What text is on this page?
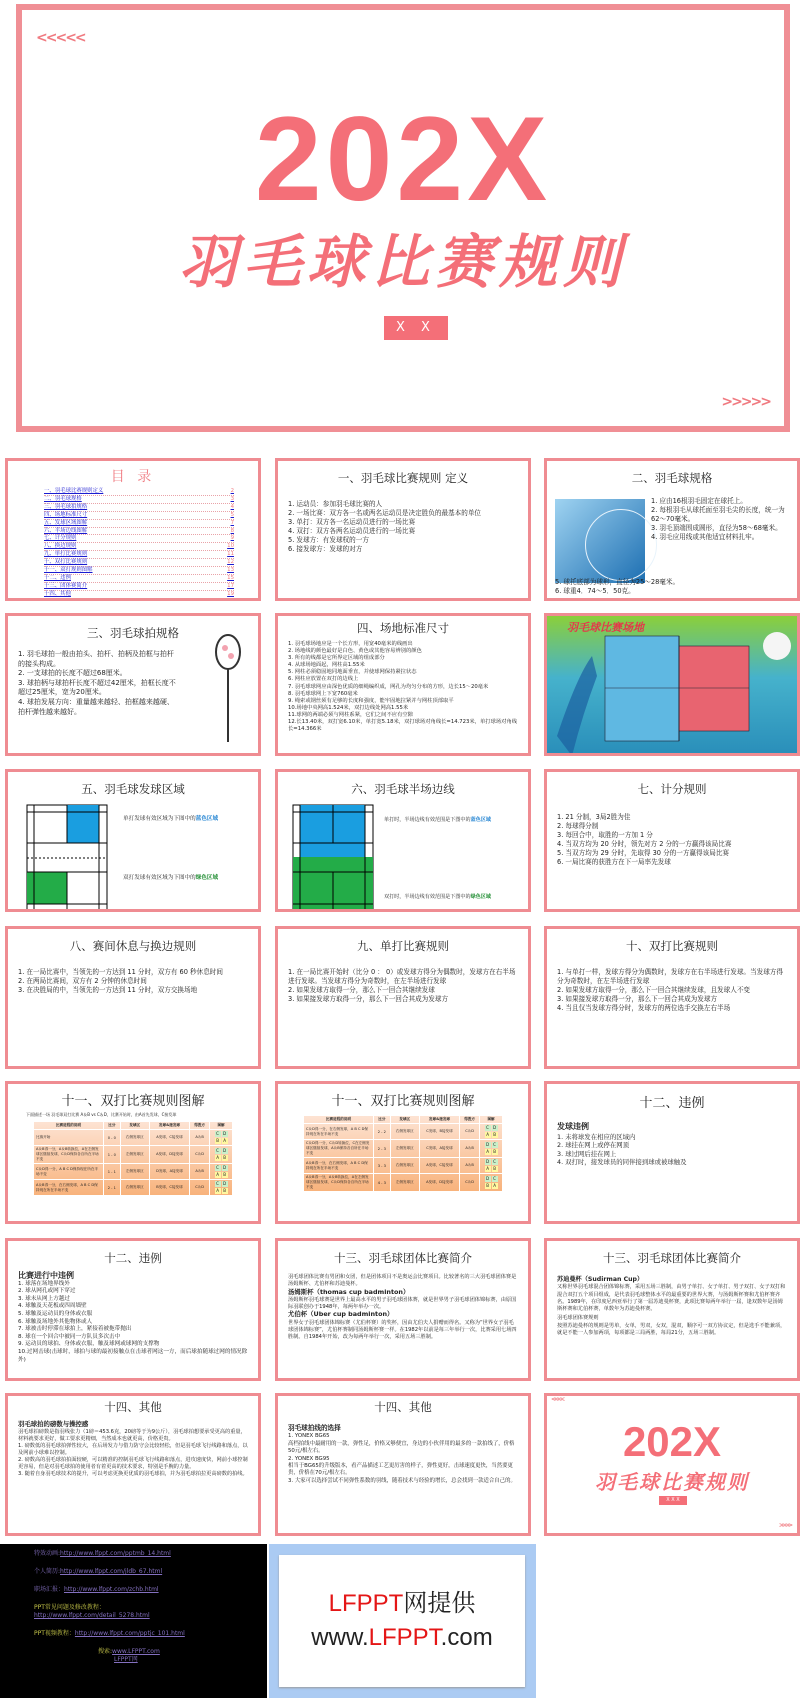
<<<<<
202X
羽毛球比赛规则
X X X
>>>>>
目 录
一、羽毛球比赛规则定义	2
二、羽毛球规格	3
三、羽毛球拍规格	4
四、场地标准尺寸	5
五、发球区域图解	7
六、半场边线图解	8
七、计分规则	9
八、换边规则	10
九、单打比赛规则	11
十、双打比赛规则	12
十一、双打规则图解	13
十二、违例	15
十三、团体赛简介	17
十四、其他	19
一、羽毛球比赛规则 定义
1. 运动员：参加羽毛球比赛的人
2. 一场比赛：双方各一名或两名运动员是决定胜负的最基本的单位
3. 单打：双方各一名运动员进行的一场比赛
4. 双打：双方各两名运动员进行的一场比赛
5. 发球方：有发球权的一方
6. 接发球方：发球的对方
二、羽毛球规格
1. 应由16根羽毛固定在球托上。
2. 每根羽毛从球托面至羽毛尖的长度，统一为62～70毫米。
3. 羽毛顶端围成圆形，直径为58～68毫米。
4. 羽毛应用线或其他适宜材料扎牢。
5. 球托底部为球形，直径为25～28毫米。
6. 球重4．74～5．50克。
三、羽毛球拍规格
1. 羽毛球拍一般由拍头、拍杆、拍柄及拍框与拍杆的接头构成。
2. 一支球拍的长度不超过68厘米。
3. 球拍柄与球拍杆长度不超过42厘米，拍框长度不超过25厘米，宽为20厘米。
4. 球拍发展方向：重量越来越轻、拍框越来越硬、拍杆弹性越来越好。
四、场地标准尺寸
1. 羽毛球场地应是一个长方形，用宽40毫米的线画出
2. 场地线的颜色最好是白色、黄色或其他容易辨别的颜色
3. 所有的线都是它所界定区域的组成部分
4. 从球场地面起，网柱高1.55米
5. 网柱必须稳固地同地面垂直，并使球网保持紧拉状态
6. 网柱应放置在双打的边线上
7. 羽毛球球网应由深色优质的细绳编织成，网孔为均匀分布的方形，边长15～20毫米
8. 羽毛球球网上下宽760毫米
9. 绳索或钢丝须有足够的长度和强度，能牢固地拉紧并与网柱顶部取平
10.场地中央网高1.524米，双打边线处网高1.55米
11.球网的两端必须与网柱系紧，它们之间不应有空隙
12.长13.40米，双打宽6.10米，单打宽5.18米，双打球场对角线长=14.723米，单打球场对角线长=14.366米
羽毛球比赛场地
五、羽毛球发球区域
单打发球有效区域为下图中的蓝色区域
双打发球有效区域为下图中的绿色区域
六、羽毛球半场边线
单打时，半场边线有效范围是下图中的蓝色区域
双打时，半场边线有效范围是下图中的绿色区域
七、计分规则
1. 21 分制，3局2胜为佳
2. 每球得分制
3. 每回合中，取胜的一方加 1 分
4. 当双方均为 20 分时，领先对方 2 分的一方赢得该局比赛
5. 当双方均为 29 分时，先取得 30 分的一方赢得该局比赛
6. 一局比赛的获胜方在下一局率先发球
八、赛间休息与换边规则
1. 在一局比赛中，当领先的一方达到 11 分时，双方有 60 秒休息时间
2. 在两局比赛间，双方有 2 分钟的休息时间
3. 在决胜局的中，当领先的一方达到 11 分时，双方交换场地
九、单打比赛规则
1. 在一局比赛开始时（比分 0 ： 0）或发球方得分为偶数时，发球方在右半场进行发球。当发球方得分为奇数时，在左半场进行发球
2. 如果发球方取得一分，那么下一回合其继续发球
3. 如果接发球方取得一分，那么下一回合其成为发球方
十、双打比赛规则
1. 与单打一样，发球方得分为偶数时，发球方在右半场进行发球。当发球方得分为奇数时，在左半场进行发球
2. 如果发球方取得一分，那么下一回合其继续发球，且发球人不变
3. 如果接发球方取得一分，那么下一回合其成为发球方
4. 当且仅当发球方得分时，发球方的两位选手交换左右半场
十一、双打比赛规则图解
下面描述一场 羽毛球双打比赛 A＆B vs C＆D，比赛开始时，由A首先发球，C接发球
比赛进程的说明	比分	发球区	发球&接发球	得胜方	图解
比赛开始	0 - 0	右侧发球区	A发球，C接发球	A＆B	C D
B A

A＆B得一分，A＆B转换位，A在左侧发球区继续发球，C＆D保持各自所在半场不变	1 - 0	左侧发球区	A发球，D接发球	C＆D	C D
A B

C＆D得一分，A B C D保持现在所在半场不变	1 - 1	左侧发球区	D发球，A接发球	A＆B	C D
A B

A＆B得一分，在右侧发球，A B C D保持现在所在半场不变	2 - 1	右侧发球区	B发球，C接发球	C＆D	C D
A B
十一、双打比赛规则图解
比赛进程的说明	比分	发球区	发球&接发球	得胜方	图解
C＆D得一分，在右侧发球，A B C D保持现在所在半场不变	2 - 2	右侧发球区	C发球，B接发球	C＆D	C D
A B

C＆D得一分，C＆D转换位，C在左侧发球区继续发球，A＆B保持各自所在半场不变	2 - 3	左侧发球区	C发球，A接发球	A＆B	D C
A B

A＆B得一分，在右侧发球，A B C D保持现在所在半场不变	3 - 3	右侧发球区	A发球，C接发球	A＆B	D C
A B

A＆B得一分，A＆B转换位，A在左侧发球区继续发球，C＆D保持各自所在半场不变	4 - 3	左侧发球区	A发球，D接发球	C＆D	D C
B A
十二、违例
发球违例
1. 未将球发在相应的区域内
2. 球挂在网上或停在网顶
3. 球过网后挂在网上
4. 双打时，接发球员的同伴接到球或被球触及
十二、违例
比赛进行中违例
1. 球落在场地界线外
2. 球从网孔或网下穿过
3. 球未从网上方越过
4. 球触及天花板或四周墙壁
5. 球触及运动员的身体或衣服
6. 球触及场地外其他物体或人
7. 球被击时停滞在球拍上，紧接着被拖带抛出
8. 球在一个回合中被同一方队员多次击中
9. 运动员的球拍、身体或衣服，触及球网或球网的支撑物
10.过网击球(击球时，球拍与球的最初接触点在击球者网这一方，而后球拍随球过网的情况除外)
十三、羽毛球团体比赛简介
羽毛球团体比赛有男团和女团，但是团体项目不是奥运会比赛项目。比较著名的三大羽毛球团体赛是汤姆斯杯、尤伯杯和苏迪曼杯。
汤姆斯杯（thomas cup badminton）
汤姆斯杯羽毛球赛是世界上最高水平的男子羽毛球团体赛，就是世界男子羽毛球团体锦标赛，由原国际羽联创办于1948年，每两年举办一次。
尤伯杯（Uber cup badminton）
世界女子羽毛球团体锦标赛（尤伯杯赛）的奖杯，因由尤伯夫人捐赠而得名。又称为“世界女子羽毛球团体锦标赛”，尤伯杯赛制同汤姆斯杯赛一样。在1982年以前是每三年举行一次，比赛采用七场四胜制。自1984年开始，改为每两年举行一次，采用五场三胜制。
十三、羽毛球团体比赛简介
苏迪曼杯（Sudirman Cup）
又称世界羽毛球混合团体锦标赛，采用五场三胜制，由男子单打、女子单打、男子双打、女子双打和混合双打五个项目组成，是代表羽毛球整体水平的最重要的世界大赛，与汤姆斯杯赛和尤伯杯赛齐名。1989年，在印度尼西亚举行了第一届苏迪曼杯赛，此项比赛每两年举行一届，逢双数年是汤姆斯杯赛和尤伯杯赛，单数年为苏迪曼杯赛。
羽毛球团体赛规则
按照苏迪曼杯的规则是男单，女单，男双，女双，混双，顺序可一双方协议定，但是选手不能兼项，就是不能一人参加两项，每项都是三局两胜，每局21分，五场三胜制。
十四、其他
羽毛球拍的磅数与操控感
羽毛球拍磅数是指羽线张力（1磅＝453.6克，20磅等于为9公斤），羽毛球拍想要承受更高的重量，材料就要求更好，做工要求更精细，当然成本也就更高，价格更贵。
1. 磅数低的羽毛球拍弹性较大，在后场发力与借力防守会比较轻松，但是羽毛球飞行线路和落点，以及网前小球难以控制。
2. 磅数高的羽毛球拍拍面较硬，可以精准的控制羽毛球飞行线路和落点，进攻速度快，网前小球控制更容易，但是对羽毛球拍的使用者有着更高的技术要求，特别是手腕的力量。
3. 随着自身羽毛球技术的提升，可以考虑更换更优质的羽毛球拍，并为羽毛球拍拉更高磅数的拍线。
十四、其他
羽毛球拍线的选择
1. YONEX BG65
高档拍线中最耐用的一款，弹性足，价格又够便宜，身边的小伙伴用的最多的一款拍线了，价格50元/根左右。
2. YONEX BG95
相当于BG65的升级版本，看产品描述工艺更厉害的样子，弹性更好，击球速度更快，当然要更贵，价格在70元/根左右。
3. 大家可以选择尝试不同弹性系数的羽线，随着技术与经验的增长，总会找到一款适合自己的。
<<<<
202X
羽毛球比赛规则
X X X
>>>>
特效动画:http://www.lfppt.com/pptmb_14.html
个人简历:http://www.lfppt.com/jldb_67.html
职场汇报：http://www.lfppt.com/zchb.html
PPT常见问题及修改教程：
http://www.lfppt.com/detail_5278.html
PPT视频教程：http://www.lfppt.com/pptjc_101.html
搜索:www.LFPPT.com
LFPPT网
LFPPT网提供
www.LFPPT.com
